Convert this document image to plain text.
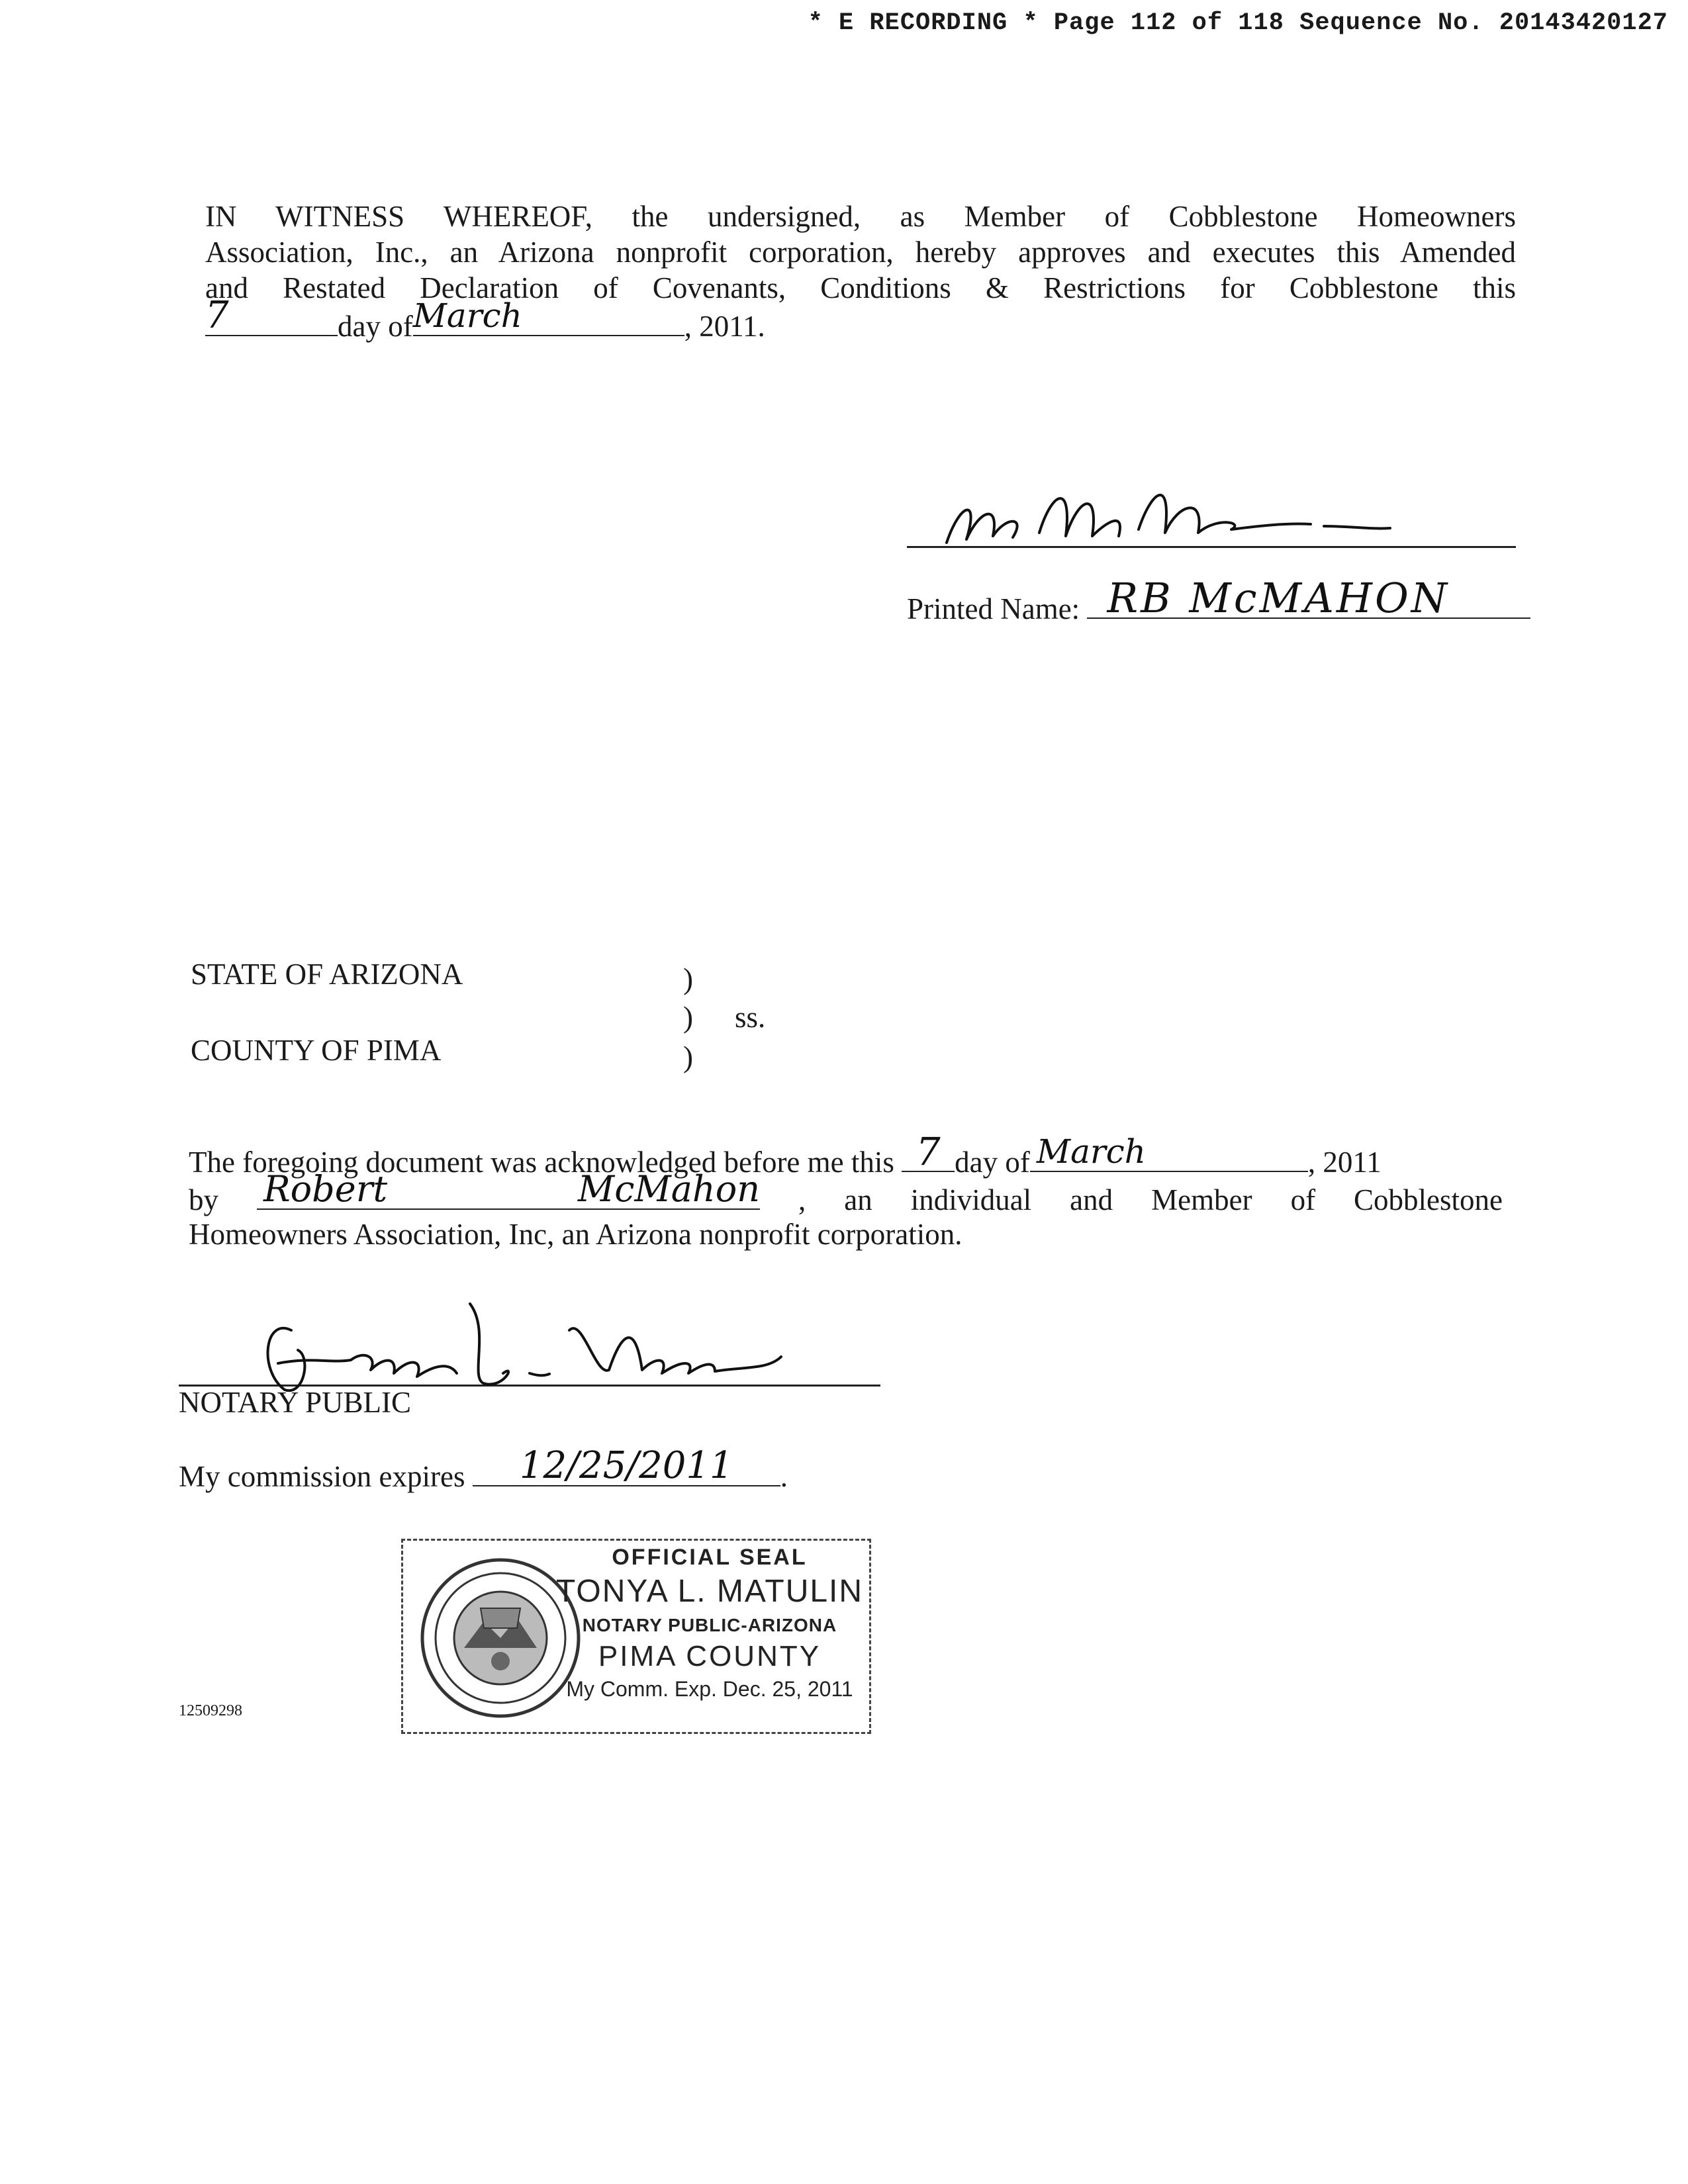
* E RECORDING * Page 112 of 118 Sequence No. 20143420127
IN WITNESS WHEREOF, the undersigned, as Member of Cobblestone Homeowners
Association, Inc., an Arizona nonprofit corporation, hereby approves and executes this Amended
and Restated Declaration of Covenants, Conditions & Restrictions for Cobblestone this
7	day of March	, 2011.
Printed Name: RB McMAHON
STATE OF ARIZONA
COUNTY OF PIMA
)
)
)
ss.
The foregoing document was acknowledged before me this 7 day of March	, 2011
by Robert McMahon , an individual and Member of Cobblestone
Homeowners Association, Inc, an Arizona nonprofit corporation.
NOTARY PUBLIC
My commission expires	12/25/2011	.
OFFICIAL SEAL
TONYA L. MATULIN
NOTARY PUBLIC-ARIZONA
PIMA COUNTY
My Comm. Exp. Dec. 25, 2011
12509298
